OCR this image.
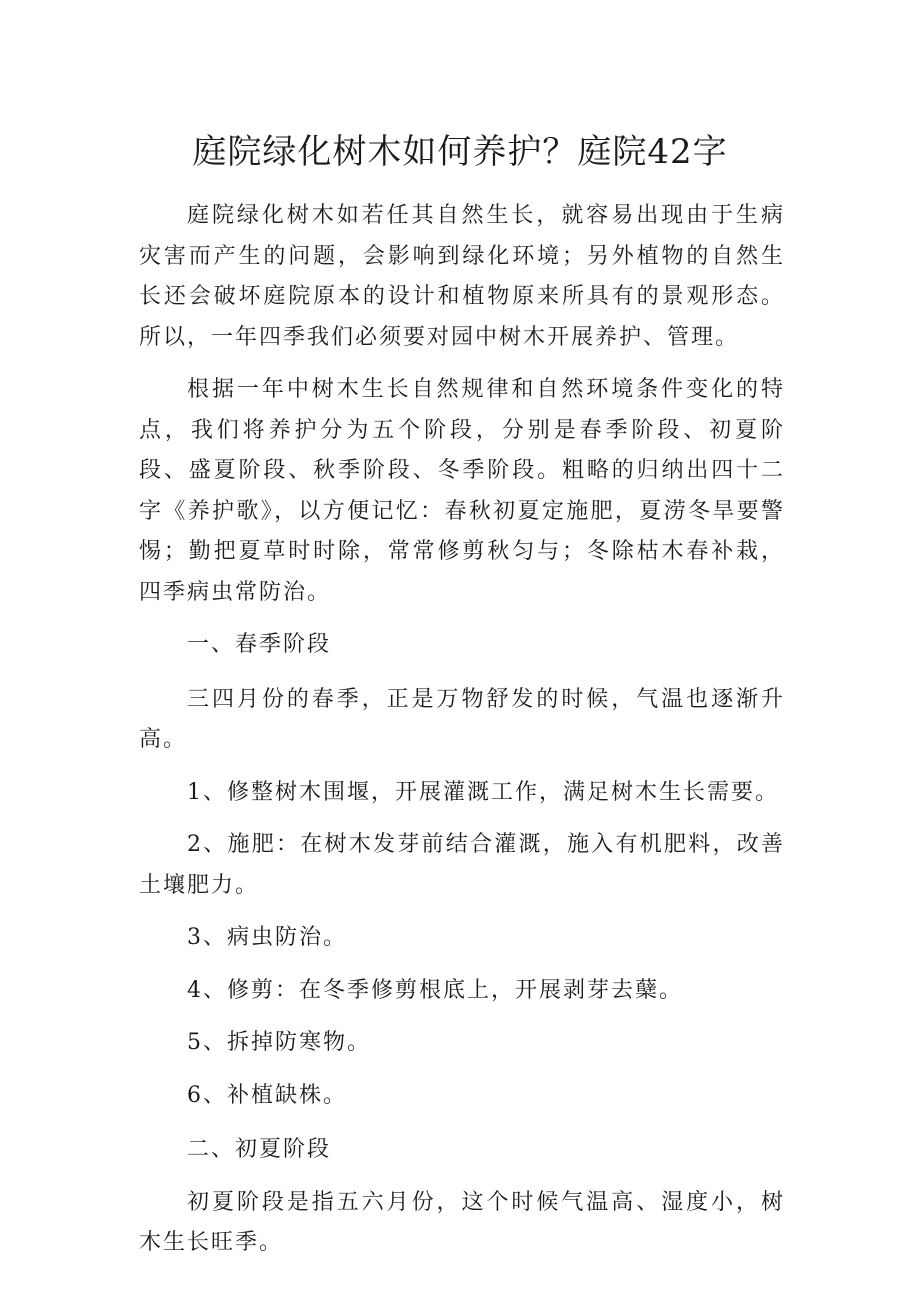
庭院绿化树木如何养护？庭院42字

庭院绿化树木如若任其自然生长，就容易出现由于生病灾害而产生的问题，会影响到绿化环境；另外植物的自然生长还会破坏庭院原本的设计和植物原来所具有的景观形态。所以，一年四季我们必须要对园中树木开展养护、管理。

根据一年中树木生长自然规律和自然环境条件变化的特点，我们将养护分为五个阶段，分别是春季阶段、初夏阶段、盛夏阶段、秋季阶段、冬季阶段。粗略的归纳出四十二字《养护歌》，以方便记忆：春秋初夏定施肥，夏涝冬旱要警惕；勤把夏草时时除，常常修剪秋匀与；冬除枯木春补栽，四季病虫常防治。

一、春季阶段

三四月份的春季，正是万物舒发的时候，气温也逐渐升高。

1、修整树木围堰，开展灌溉工作，满足树木生长需要。

2、施肥：在树木发芽前结合灌溉，施入有机肥料，改善土壤肥力。

3、病虫防治。

4、修剪：在冬季修剪根底上，开展剥芽去蘖。

5、拆掉防寒物。

6、补植缺株。

二、初夏阶段

初夏阶段是指五六月份，这个时候气温高、湿度小，树木生长旺季。
